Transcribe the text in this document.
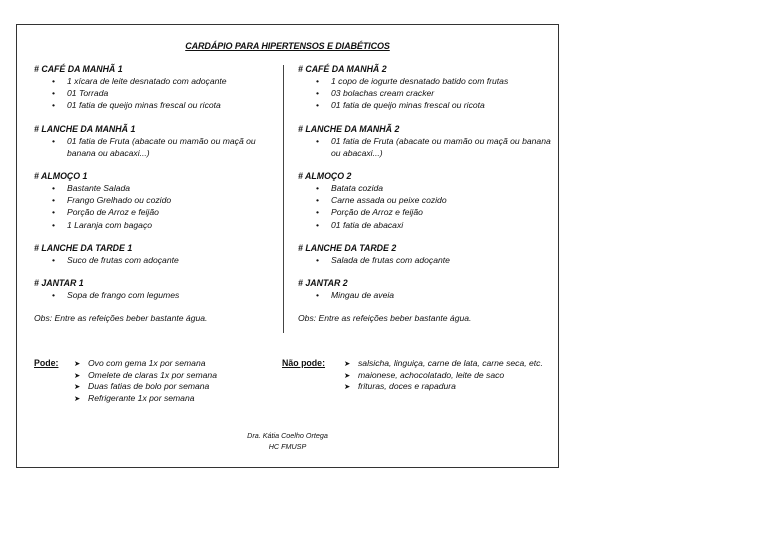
CARDÁPIO PARA HIPERTENSOS E DIABÉTICOS
# CAFÉ DA MANHÃ 1
• 1 xícara de leite desnatado com adoçante
• 01 Torrada
• 01 fatia de queijo minas frescal ou ricota
# LANCHE DA MANHÃ 1
• 01 fatia de Fruta (abacate ou mamão ou maçã ou banana ou abacaxi...)
# ALMOÇO 1
• Bastante Salada
• Frango Grelhado ou cozido
• Porção de Arroz e feijão
• 1 Laranja com bagaço
# LANCHE DA TARDE 1
• Suco de frutas com adoçante
# JANTAR 1
• Sopa de frango com legumes
Obs: Entre as refeições beber bastante água.
# CAFÉ DA MANHÃ 2
• 1 copo de iogurte desnatado batido com frutas
• 03 bolachas cream cracker
• 01 fatia de queijo minas frescal ou ricota
# LANCHE DA MANHÃ 2
• 01 fatia de Fruta (abacate ou mamão ou maçã ou banana ou abacaxi...)
# ALMOÇO 2
• Batata cozida
• Carne assada ou peixe cozido
• Porção de Arroz e feijão
• 01 fatia de abacaxi
# LANCHE DA TARDE 2
• Salada de frutas com adoçante
# JANTAR 2
• Mingau de aveia
Obs: Entre as refeições beber bastante água.
Pode:	➤ Ovo com gema 1x por semana
➤ Omelete de claras 1x por semana
➤ Duas fatias de bolo por semana
➤ Refrigerante 1x por semana
Não pode:	➤ salsicha, linguiça, carne de lata, carne seca, etc.
➤ maionese, achocolatado, leite de saco
➤ frituras, doces e rapadura
Dra. Kátia Coelho Ortega
HC FMUSP
